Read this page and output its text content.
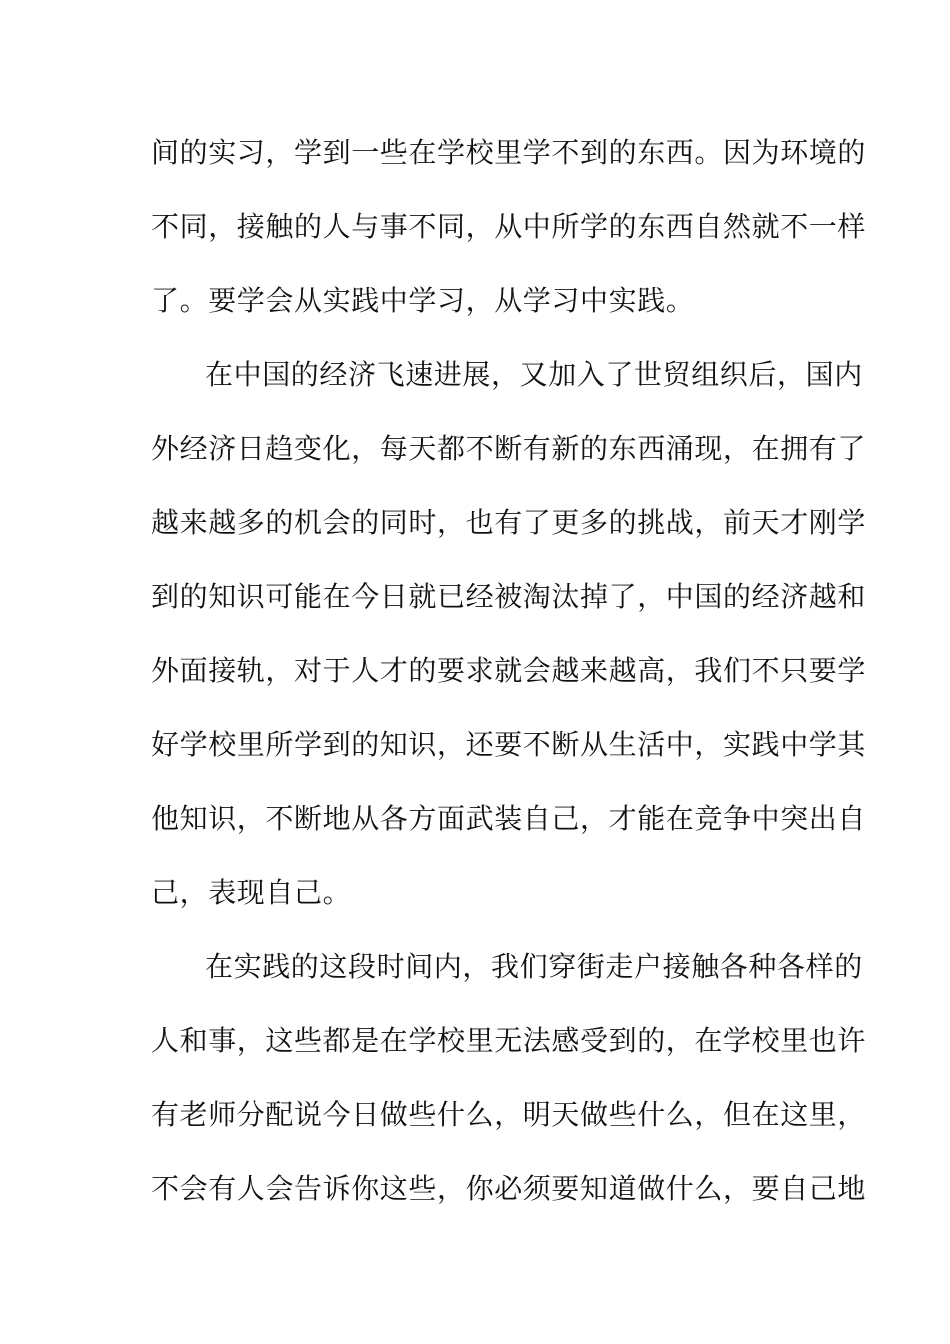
间的实习，学到一些在学校里学不到的东西。因为环境的
不同，接触的人与事不同，从中所学的东西自然就不一样
了。要学会从实践中学习，从学习中实践。
在中国的经济飞速进展，又加入了世贸组织后，国内
外经济日趋变化，每天都不断有新的东西涌现，在拥有了
越来越多的机会的同时，也有了更多的挑战，前天才刚学
到的知识可能在今日就已经被淘汰掉了，中国的经济越和
外面接轨，对于人才的要求就会越来越高，我们不只要学
好学校里所学到的知识，还要不断从生活中，实践中学其
他知识，不断地从各方面武装自己，才能在竞争中突出自
己，表现自己。
在实践的这段时间内，我们穿街走户接触各种各样的
人和事，这些都是在学校里无法感受到的，在学校里也许
有老师分配说今日做些什么，明天做些什么，但在这里，
不会有人会告诉你这些，你必须要知道做什么，要自己地
